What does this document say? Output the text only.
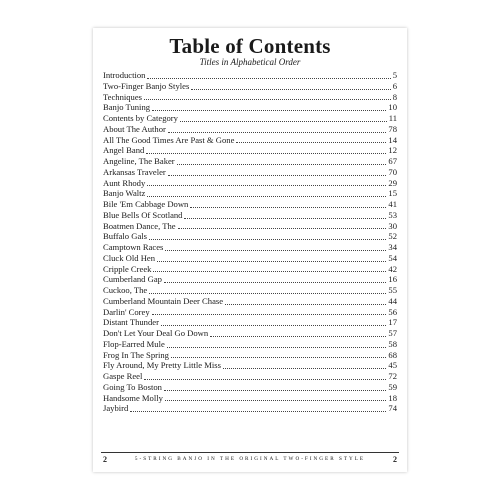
Table of Contents

Titles in Alphabetical Order

Introduction	5
Two-Finger Banjo Styles	6
Techniques	8
Banjo Tuning	10
Contents by Category	11
About The Author	78
All The Good Times Are Past & Gone	14
Angel Band	12
Angeline, The Baker	67
Arkansas Traveler	70
Aunt Rhody	29
Banjo Waltz	15
Bile 'Em Cabbage Down	41
Blue Bells Of Scotland	53
Boatmen Dance, The	30
Buffalo Gals	52
Camptown Races	34
Cluck Old Hen	54
Cripple Creek	42
Cumberland Gap	16
Cuckoo, The	55
Cumberland Mountain Deer Chase	44
Darlin' Corey	56
Distant Thunder	17
Don't Let Your Deal Go Down	57
Flop-Earred Mule	58
Frog In The Spring	68
Fly Around, My Pretty Little Miss	45
Gaspe Reel	72
Going To Boston	59
Handsome Molly	18
Jaybird	74
2	5-STRING BANJO IN THE ORIGINAL TWO-FINGER STYLE	2
